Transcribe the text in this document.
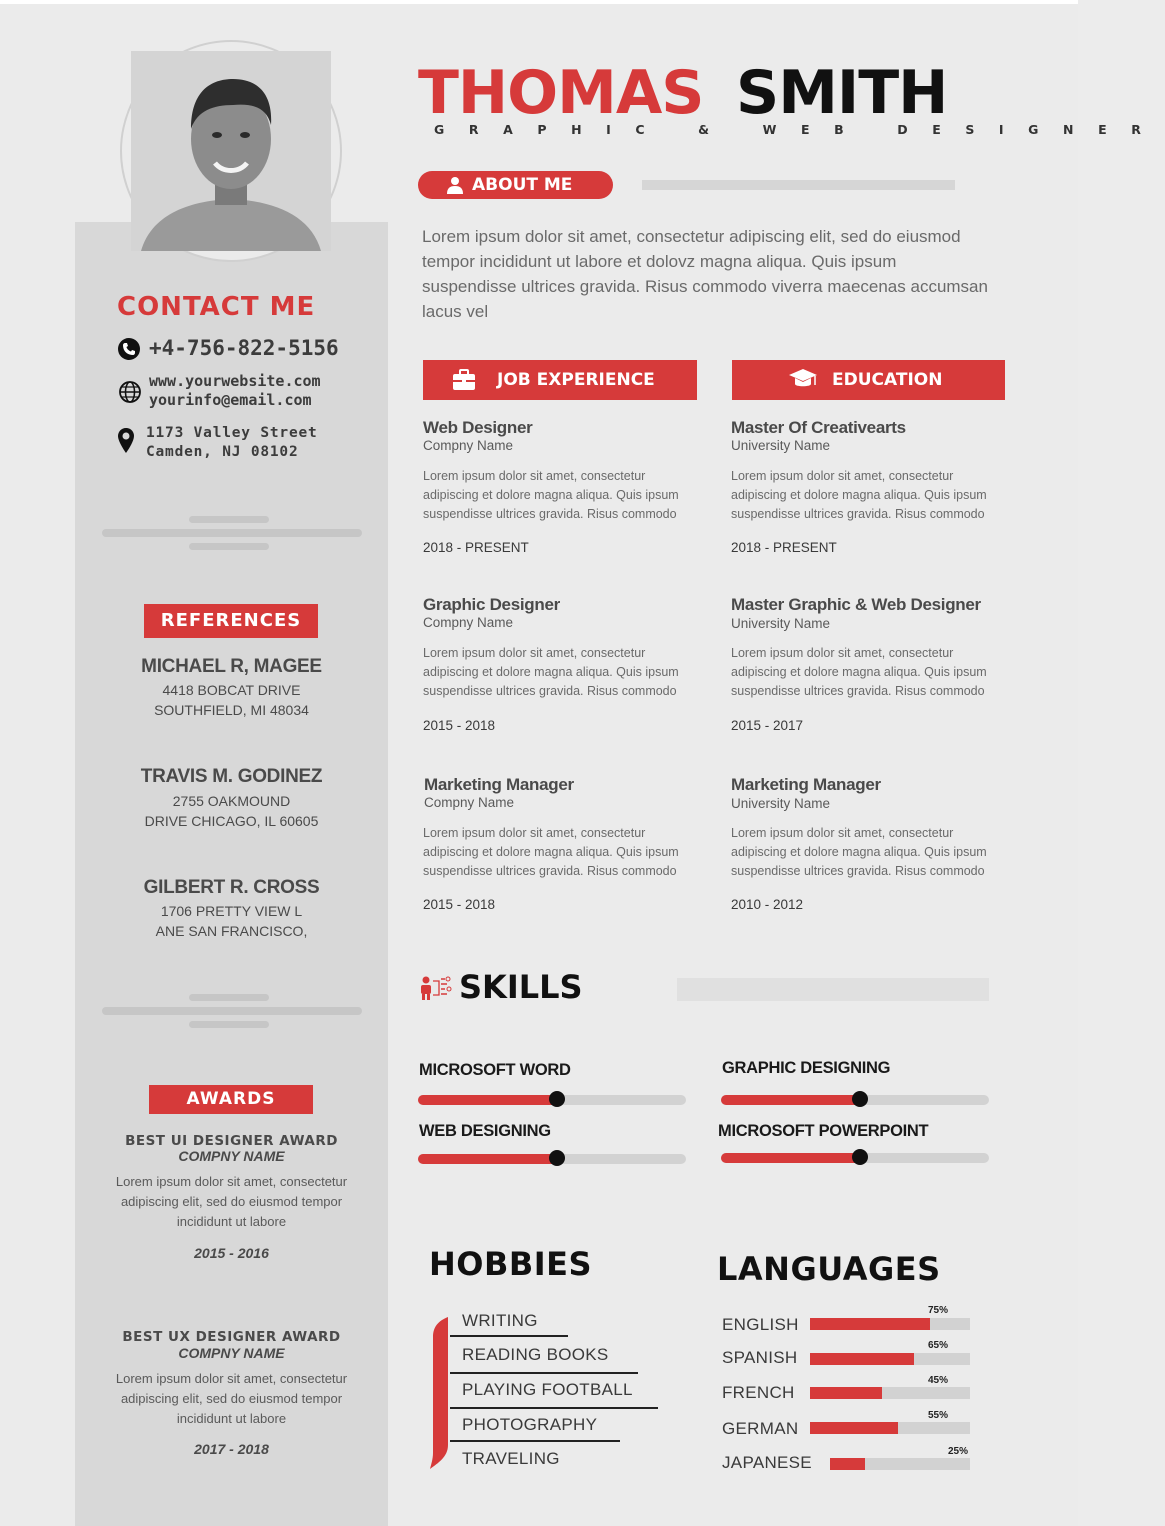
CONTACT ME
+4-756-822-5156
www.yourwebsite.com
yourinfo@email.com
1173 Valley Street
Camden, NJ 08102
REFERENCES
MICHAEL R, MAGEE
4418 BOBCAT DRIVE
SOUTHFIELD, MI 48034
TRAVIS M. GODINEZ
2755 OAKMOUND
DRIVE CHICAGO, IL 60605
GILBERT R. CROSS
1706 PRETTY VIEW L
ANE SAN FRANCISCO,
AWARDS
BEST UI DESIGNER AWARD
COMPNY NAME
Lorem ipsum dolor sit amet, consectetur adipiscing elit, sed do eiusmod tempor incididunt ut labore
2015 - 2016
BEST UX DESIGNER AWARD
COMPNY NAME
Lorem ipsum dolor sit amet, consectetur adipiscing elit, sed do eiusmod tempor incididunt ut labore
2017 - 2018
THOMAS SMITH
GRAPHIC & WEB DESIGNER
ABOUT ME
Lorem ipsum dolor sit amet, consectetur adipiscing elit, sed do eiusmod tempor incididunt ut labore et dolovz magna aliqua. Quis ipsum suspendisse ultrices gravida. Risus commodo viverra maecenas accumsan lacus vel
JOB EXPERIENCE	EDUCATION
Web Designer
Compny Name
Lorem ipsum dolor sit amet, consectetur adipiscing et dolore magna aliqua. Quis ipsum suspendisse ultrices gravida. Risus commodo
2018 - PRESENT
Graphic Designer
Compny Name
Lorem ipsum dolor sit amet, consectetur adipiscing et dolore magna aliqua. Quis ipsum suspendisse ultrices gravida. Risus commodo
2015 - 2018
Marketing Manager
Compny Name
Lorem ipsum dolor sit amet, consectetur adipiscing et dolore magna aliqua. Quis ipsum suspendisse ultrices gravida. Risus commodo
2015 - 2018
Master Of Creativearts
University Name
Lorem ipsum dolor sit amet, consectetur adipiscing et dolore magna aliqua. Quis ipsum suspendisse ultrices gravida. Risus commodo
2018 - PRESENT
Master Graphic & Web Designer
University Name
Lorem ipsum dolor sit amet, consectetur adipiscing et dolore magna aliqua. Quis ipsum suspendisse ultrices gravida. Risus commodo
2015 - 2017
Marketing Manager
University Name
Lorem ipsum dolor sit amet, consectetur adipiscing et dolore magna aliqua. Quis ipsum suspendisse ultrices gravida. Risus commodo
2010 - 2012
SKILLS
MICROSOFT WORD	GRAPHIC DESIGNING
WEB DESIGNING	MICROSOFT POWERPOINT
HOBBIES
WRITING
READING BOOKS
PLAYING FOOTBALL
PHOTOGRAPHY
TRAVELING
LANGUAGES
ENGLISH
75%
SPANISH
65%
FRENCH
45%
GERMAN
55%
JAPANESE
25%
